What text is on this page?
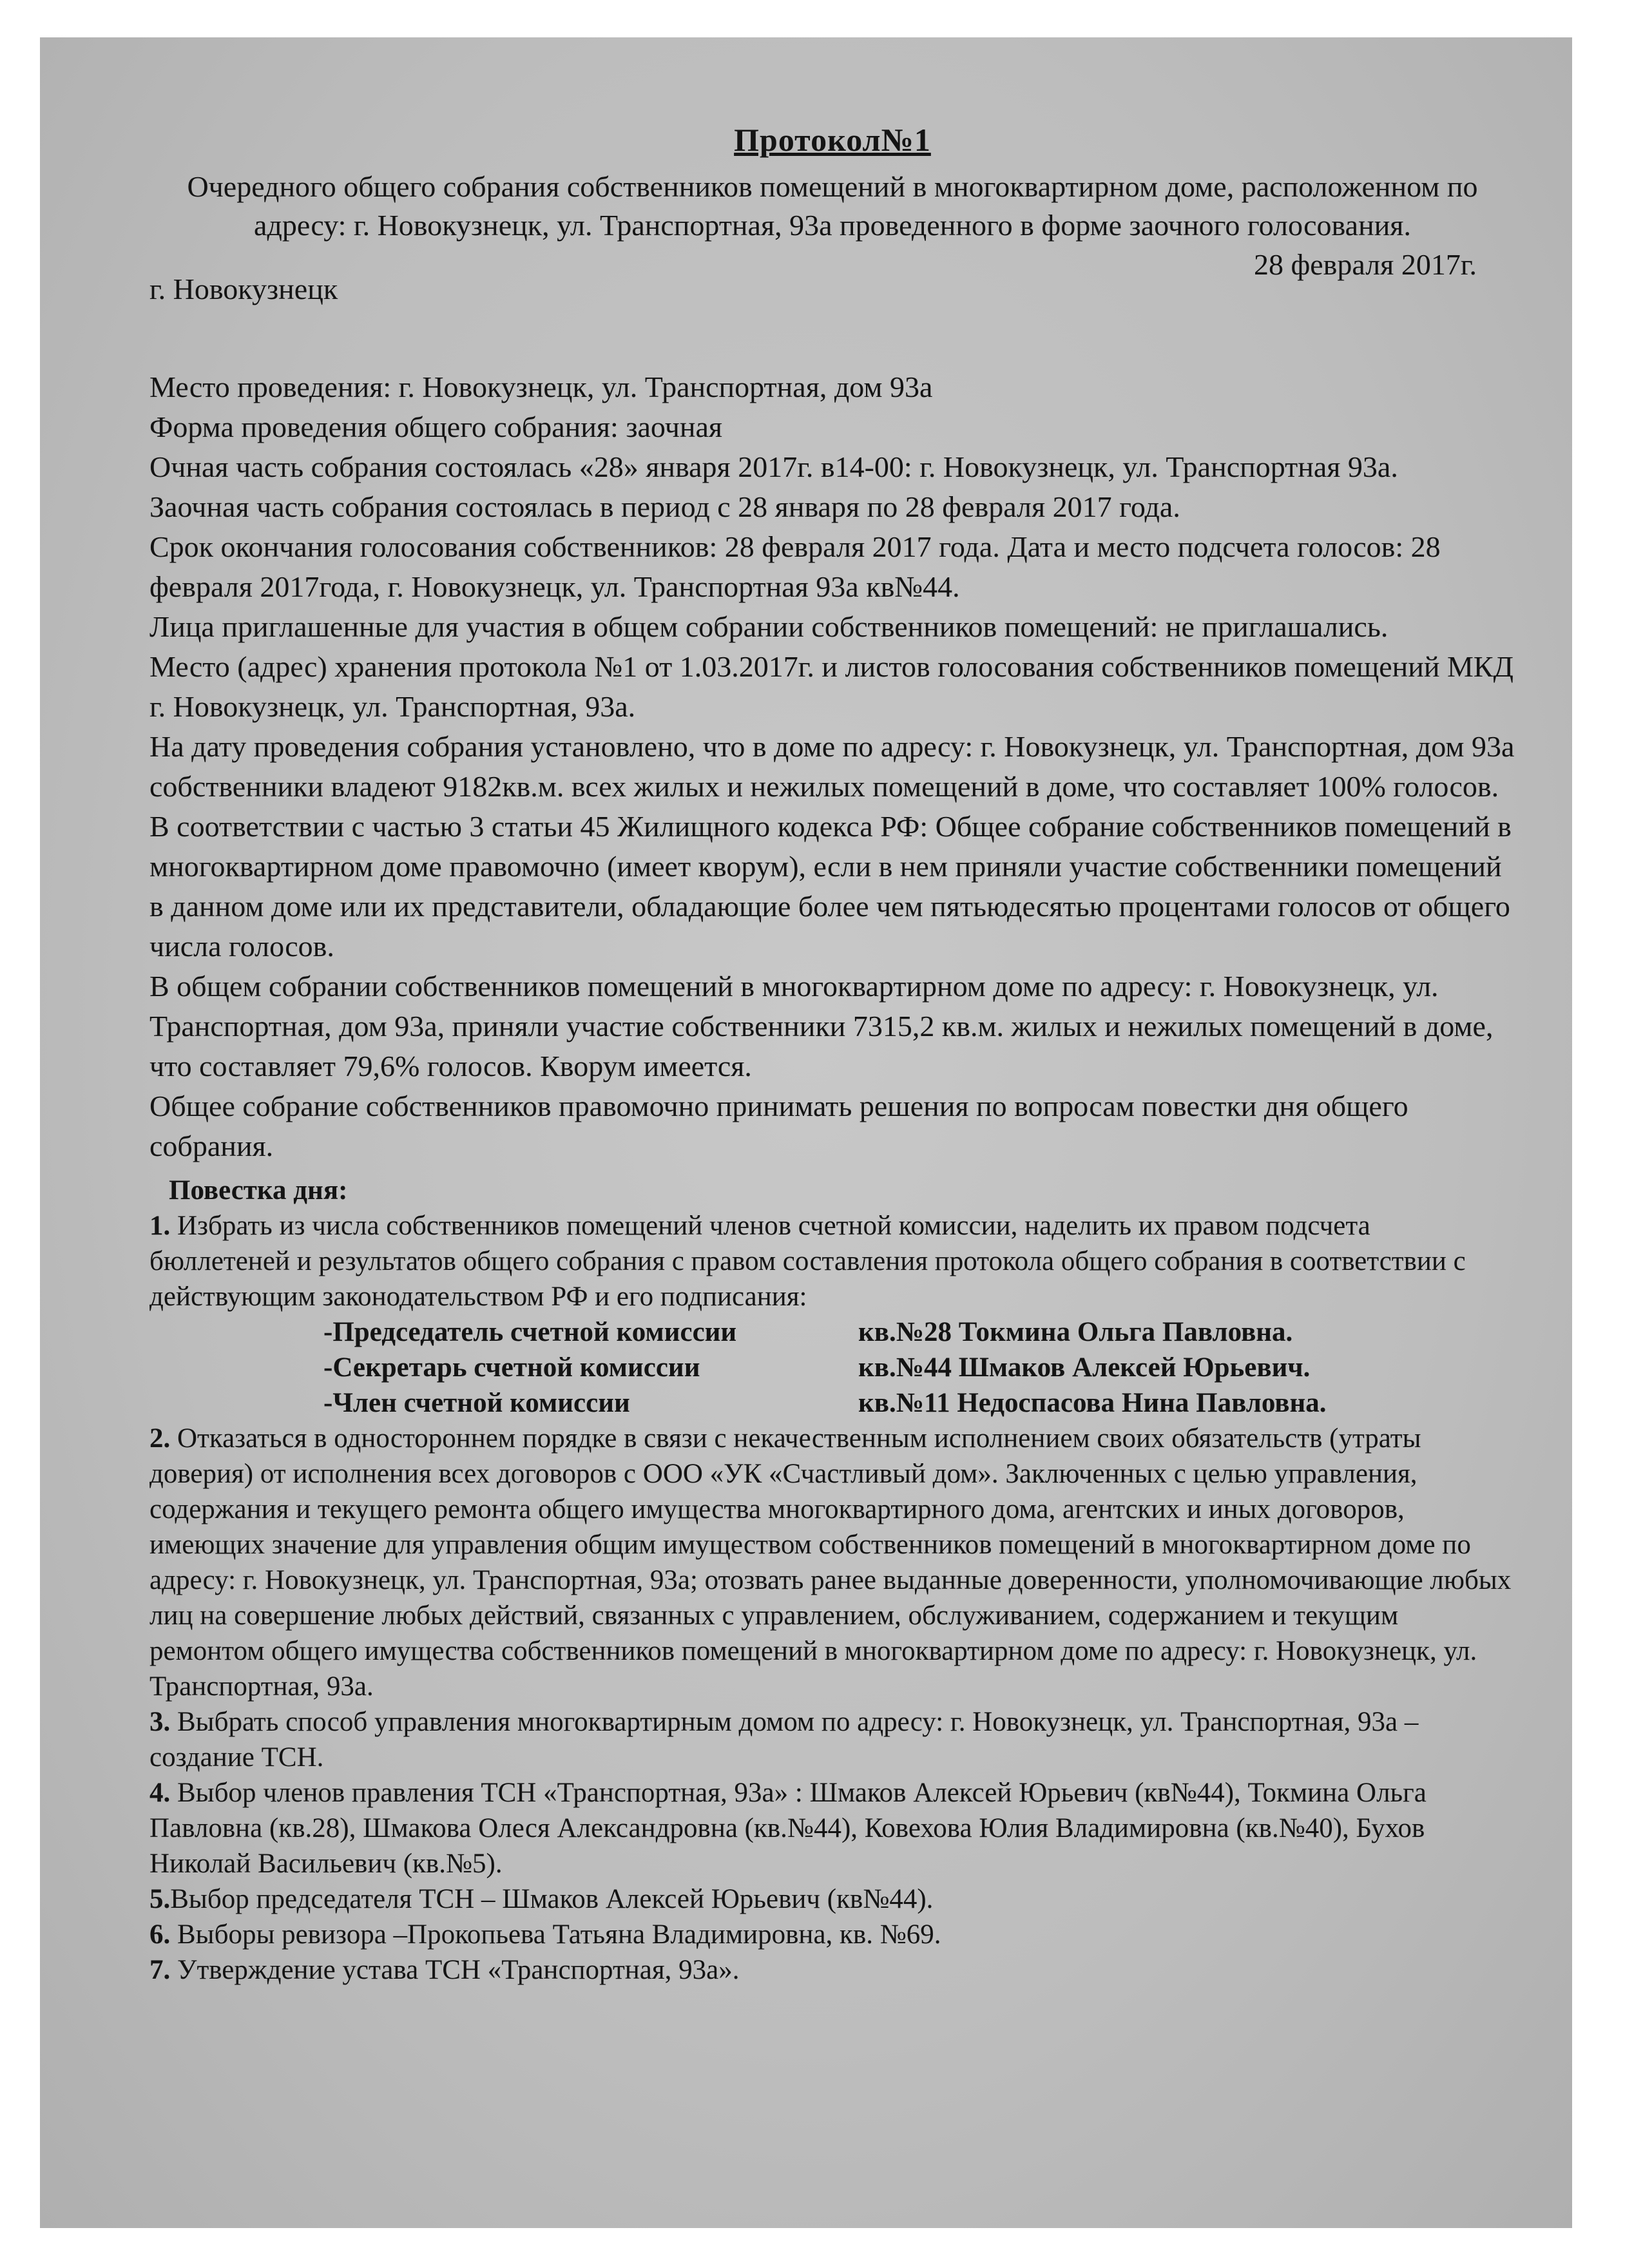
Протокол№1

Очередного общего собрания собственников помещений в многоквартирном доме, расположенном по адресу: г. Новокузнецк, ул. Транспортная, 93а проведенного в форме заочного голосования.

28 февраля 2017г.
г. Новокузнецк

Место проведения: г. Новокузнецк, ул. Транспортная, дом 93а

Форма проведения общего собрания: заочная

Очная часть собрания состоялась «28» января 2017г. в14-00: г. Новокузнецк, ул. Транспортная 93а.

Заочная часть собрания состоялась в период с 28 января по 28 февраля 2017 года.

Срок окончания голосования собственников: 28 февраля 2017 года. Дата и место подсчета голосов: 28 февраля 2017года, г. Новокузнецк, ул. Транспортная 93а кв№44.

Лица приглашенные для участия в общем собрании собственников помещений: не приглашались.

Место (адрес) хранения протокола №1 от 1.03.2017г. и листов голосования собственников помещений МКД г. Новокузнецк, ул. Транспортная, 93а.

На дату проведения собрания установлено, что в доме по адресу: г. Новокузнецк, ул. Транспортная, дом 93а собственники владеют 9182кв.м. всех жилых и нежилых помещений в доме, что составляет 100% голосов.

В соответствии с частью 3 статьи 45 Жилищного кодекса РФ: Общее собрание собственников помещений в многоквартирном доме правомочно (имеет кворум), если в нем приняли участие собственники помещений в данном доме или их представители, обладающие более чем пятьюдесятью процентами голосов от общего числа голосов.

В общем собрании собственников помещений в многоквартирном доме по адресу: г. Новокузнецк, ул. Транспортная, дом 93а, приняли участие собственники 7315,2 кв.м. жилых и нежилых помещений в доме, что составляет 79,6% голосов. Кворум имеется.

Общее собрание собственников правомочно принимать решения по вопросам повестки дня общего собрания.

Повестка дня:

1. Избрать из числа собственников помещений членов счетной комиссии, наделить их правом подсчета бюллетеней и результатов общего собрания с правом составления протокола общего собрания в соответствии с действующим законодательством РФ и его подписания:

-Председатель счетной комиссии	кв.№28 Токмина Ольга Павловна.
-Секретарь счетной комиссии	кв.№44 Шмаков Алексей Юрьевич.
-Член счетной комиссии	кв.№11 Недоспасова Нина Павловна.

2. Отказаться в одностороннем порядке в связи с некачественным исполнением своих обязательств (утраты доверия) от исполнения всех договоров с ООО «УК «Счастливый дом». Заключенных с целью управления, содержания и текущего ремонта общего имущества многоквартирного дома, агентских и иных договоров, имеющих значение для управления общим имуществом собственников помещений в многоквартирном доме по адресу: г. Новокузнецк, ул. Транспортная, 93а; отозвать ранее выданные доверенности, уполномочивающие любых лиц на совершение любых действий, связанных с управлением, обслуживанием, содержанием и текущим ремонтом общего имущества собственников помещений в многоквартирном доме по адресу: г. Новокузнецк, ул. Транспортная, 93а.

3. Выбрать способ управления многоквартирным домом по адресу: г. Новокузнецк, ул. Транспортная, 93а – создание ТСН.

4. Выбор членов правления ТСН «Транспортная, 93а» : Шмаков Алексей Юрьевич (кв№44), Токмина Ольга Павловна (кв.28), Шмакова Олеся Александровна (кв.№44), Ковехова Юлия Владимировна (кв.№40), Бухов Николай Васильевич (кв.№5).

5.Выбор председателя ТСН – Шмаков Алексей Юрьевич (кв№44).

6. Выборы ревизора –Прокопьева Татьяна Владимировна, кв. №69.

7. Утверждение устава ТСН «Транспортная, 93а».
